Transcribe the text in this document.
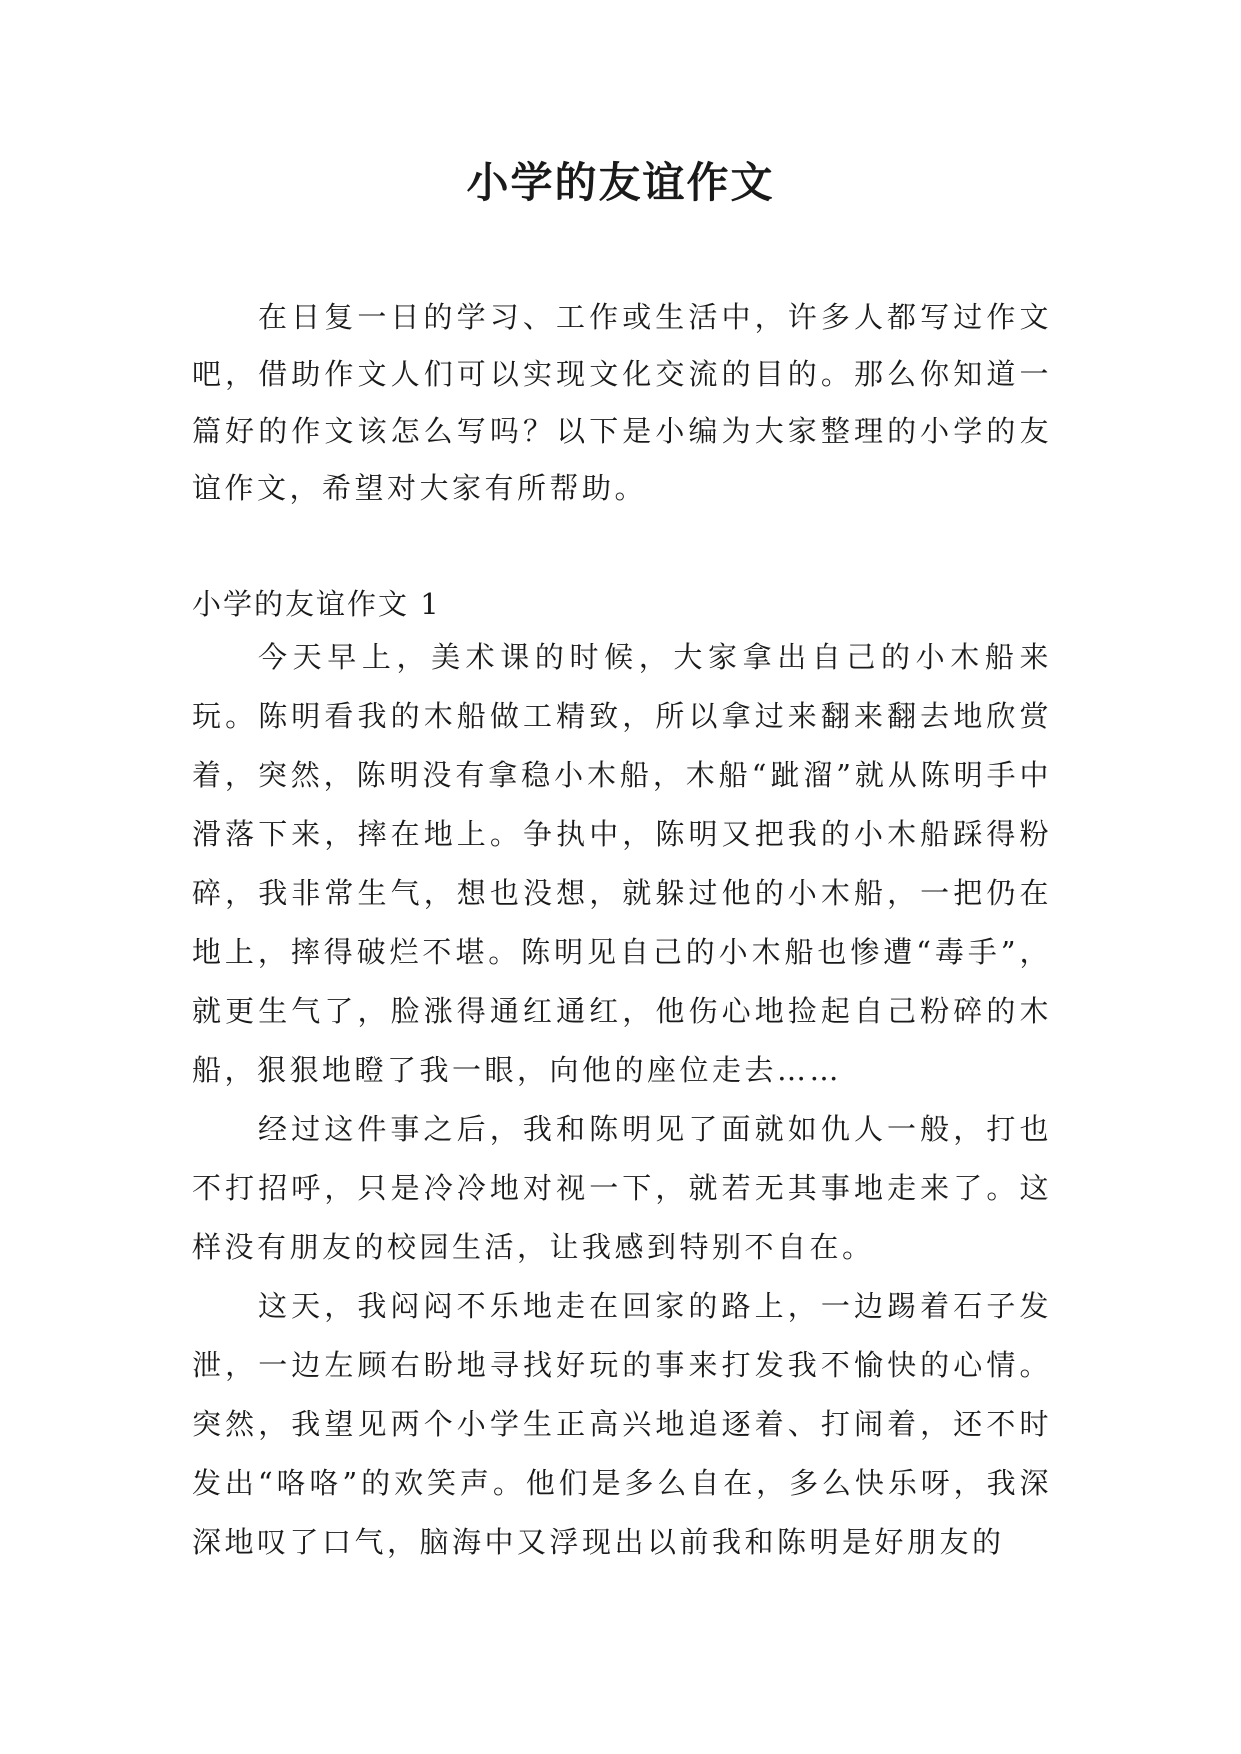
小学的友谊作文

在日复一日的学习、工作或生活中，许多人都写过作文吧，借助作文人们可以实现文化交流的目的。那么你知道一篇好的作文该怎么写吗？以下是小编为大家整理的小学的友谊作文，希望对大家有所帮助。

小学的友谊作文 1

今天早上，美术课的时候，大家拿出自己的小木船来玩。陈明看我的木船做工精致，所以拿过来翻来翻去地欣赏着，突然，陈明没有拿稳小木船，木船“跐溜”就从陈明手中滑落下来，摔在地上。争执中，陈明又把我的小木船踩得粉碎，我非常生气，想也没想，就躲过他的小木船，一把仍在地上，摔得破烂不堪。陈明见自己的小木船也惨遭“毒手”，就更生气了，脸涨得通红通红，他伤心地捡起自己粉碎的木船，狠狠地瞪了我一眼，向他的座位走去……

经过这件事之后，我和陈明见了面就如仇人一般，打也不打招呼，只是冷冷地对视一下，就若无其事地走来了。这样没有朋友的校园生活，让我感到特别不自在。

这天，我闷闷不乐地走在回家的路上，一边踢着石子发泄，一边左顾右盼地寻找好玩的事来打发我不愉快的心情。突然，我望见两个小学生正高兴地追逐着、打闹着，还不时发出“咯咯”的欢笑声。他们是多么自在，多么快乐呀，我深深地叹了口气，脑海中又浮现出以前我和陈明是好朋友的
